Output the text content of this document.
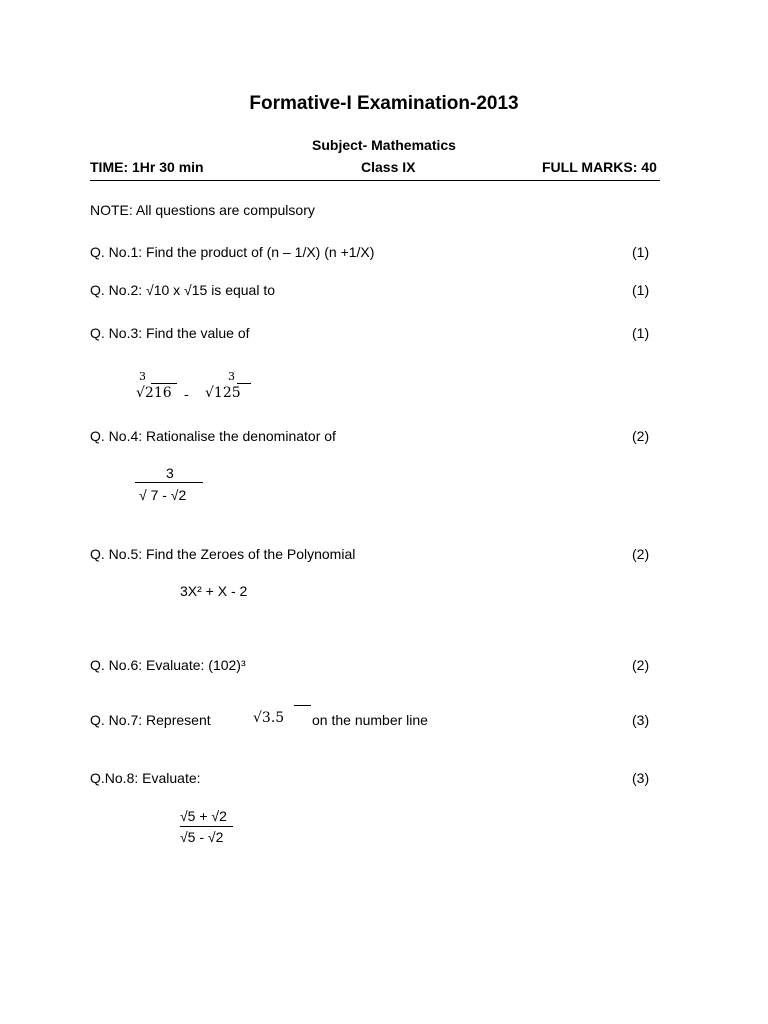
Formative-I Examination-2013
Subject- Mathematics
TIME: 1Hr 30 min	Class IX	FULL MARKS: 40
NOTE: All questions are compulsory
Q. No.1: Find the product of (n – 1/X) (n +1/X)	(1)
Q. No.2: √10 x √15 is equal to	(1)
Q. No.3: Find the value of	(1)
3
√216 -
3
√125
Q. No.4: Rationalise the denominator of	(2)
3
√ 7 - √2
Q. No.5: Find the Zeroes of the Polynomial	(2)
3X² + X - 2
Q. No.6: Evaluate: (102)³	(2)
Q. No.7: Represent	√3.5 on the number line	(3)
Q.No.8: Evaluate:	(3)
√5 + √2
√5 - √2
